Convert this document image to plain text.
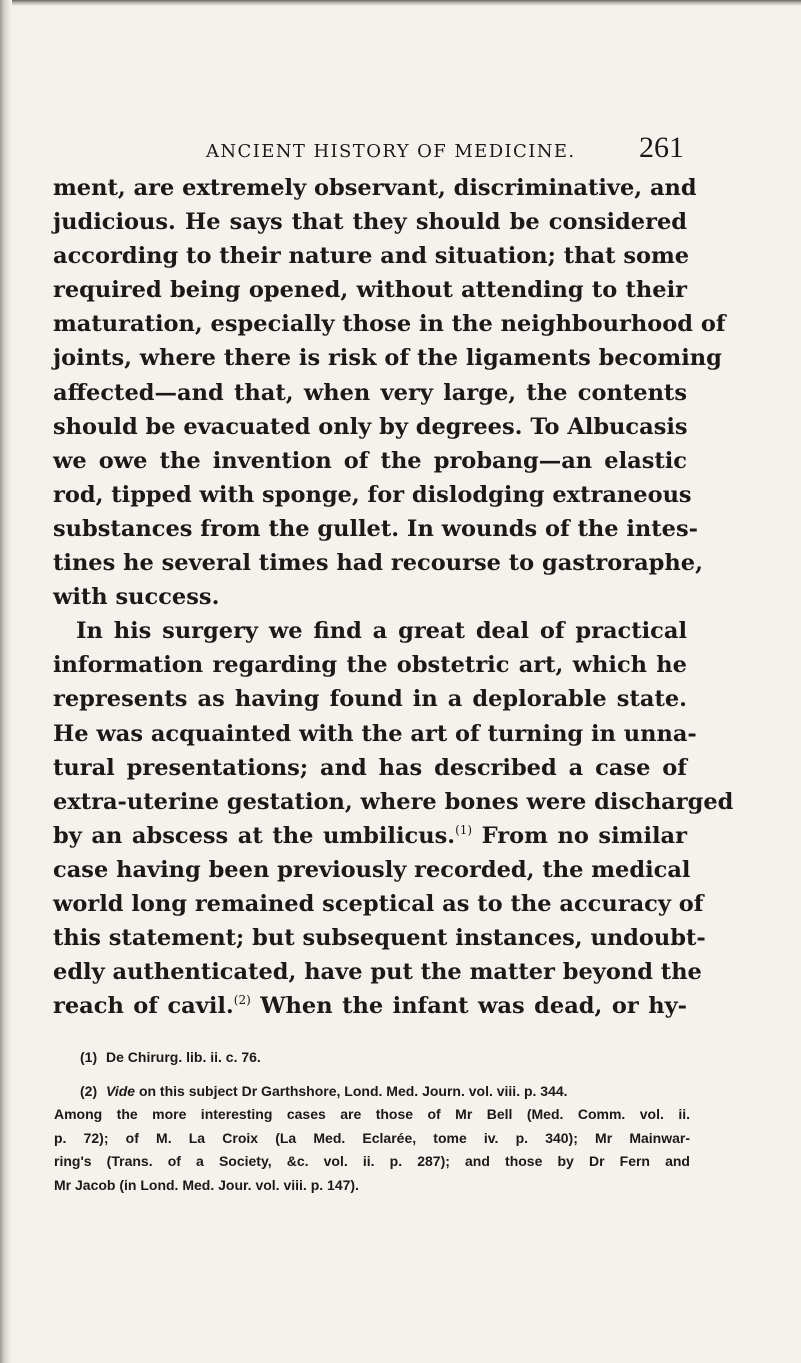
ANCIENT HISTORY OF MEDICINE. 261
ment, are extremely observant, discriminative, and
judicious. He says that they should be considered
according to their nature and situation; that some
required being opened, without attending to their
maturation, especially those in the neighbourhood of
joints, where there is risk of the ligaments becoming
affected—and that, when very large, the contents
should be evacuated only by degrees. To Albucasis
we owe the invention of the probang—an elastic
rod, tipped with sponge, for dislodging extraneous
substances from the gullet. In wounds of the intes-
tines he several times had recourse to gastroraphe,
with success.
In his surgery we find a great deal of practical
information regarding the obstetric art, which he
represents as having found in a deplorable state.
He was acquainted with the art of turning in unna-
tural presentations; and has described a case of
extra-uterine gestation, where bones were discharged
by an abscess at the umbilicus.$^{(1)}$ From no similar
case having been previously recorded, the medical
world long remained sceptical as to the accuracy of
this statement; but subsequent instances, undoubt-
edly authenticated, have put the matter beyond the
reach of cavil.$^{(2)}$ When the infant was dead, or hy-
(1) De Chirurg. lib. ii. c. 76.
(2) Vide on this subject Dr Garthshore, Lond. Med. Journ. vol. viii. p. 344.
Among the more interesting cases are those of Mr Bell (Med. Comm. vol. ii.
p. 72); of M. La Croix (La Med. Eclarée, tome iv. p. 340); Mr Mainwar-
ring's (Trans. of a Society, &c. vol. ii. p. 287); and those by Dr Fern and
Mr Jacob (in Lond. Med. Jour. vol. viii. p. 147).
